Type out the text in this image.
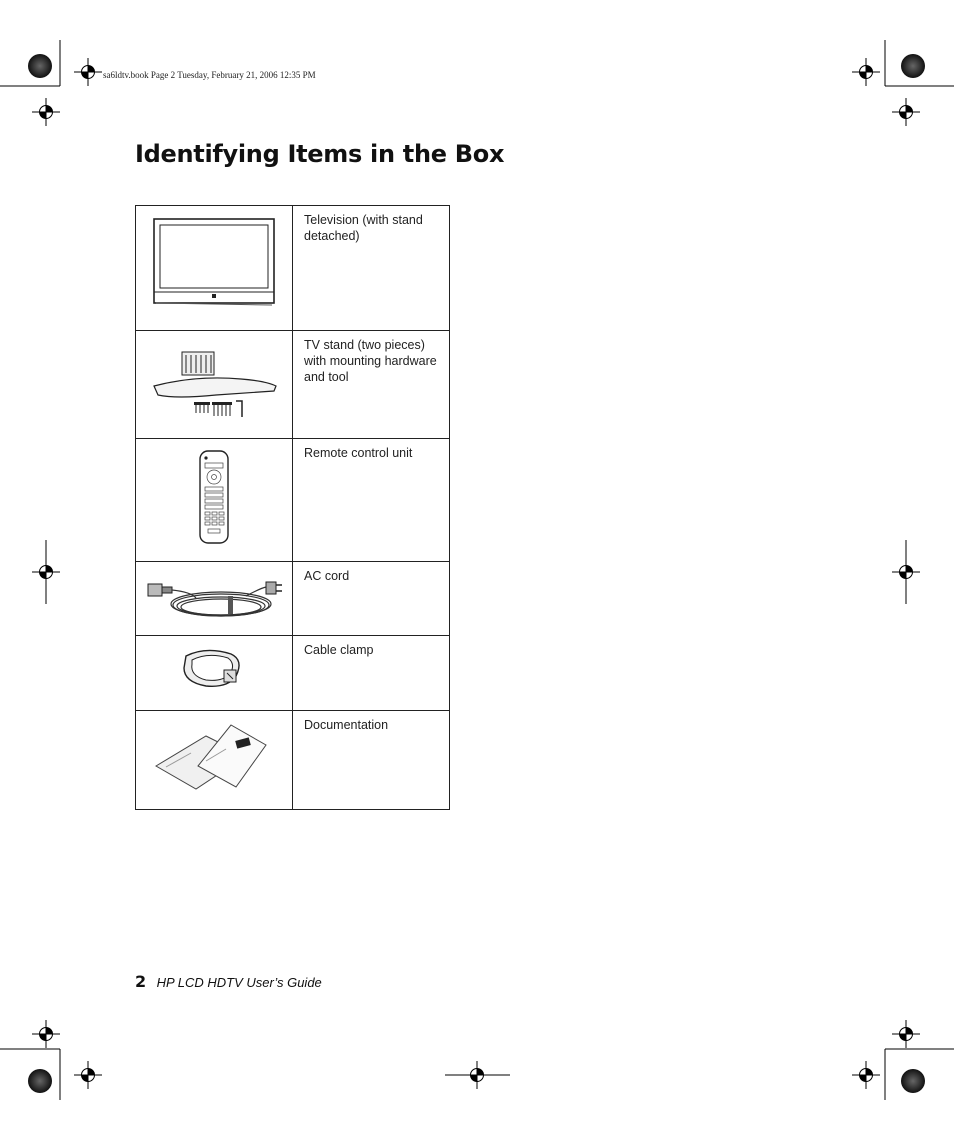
sa6ldtv.book Page 2 Tuesday, February 21, 2006 12:35 PM
Identifying Items in the Box
	Television (with stand detached)
	TV stand (two pieces) with mounting hardware and tool
	Remote control unit
	AC cord
	Cable clamp
	Documentation
2 HP LCD HDTV User’s Guide
